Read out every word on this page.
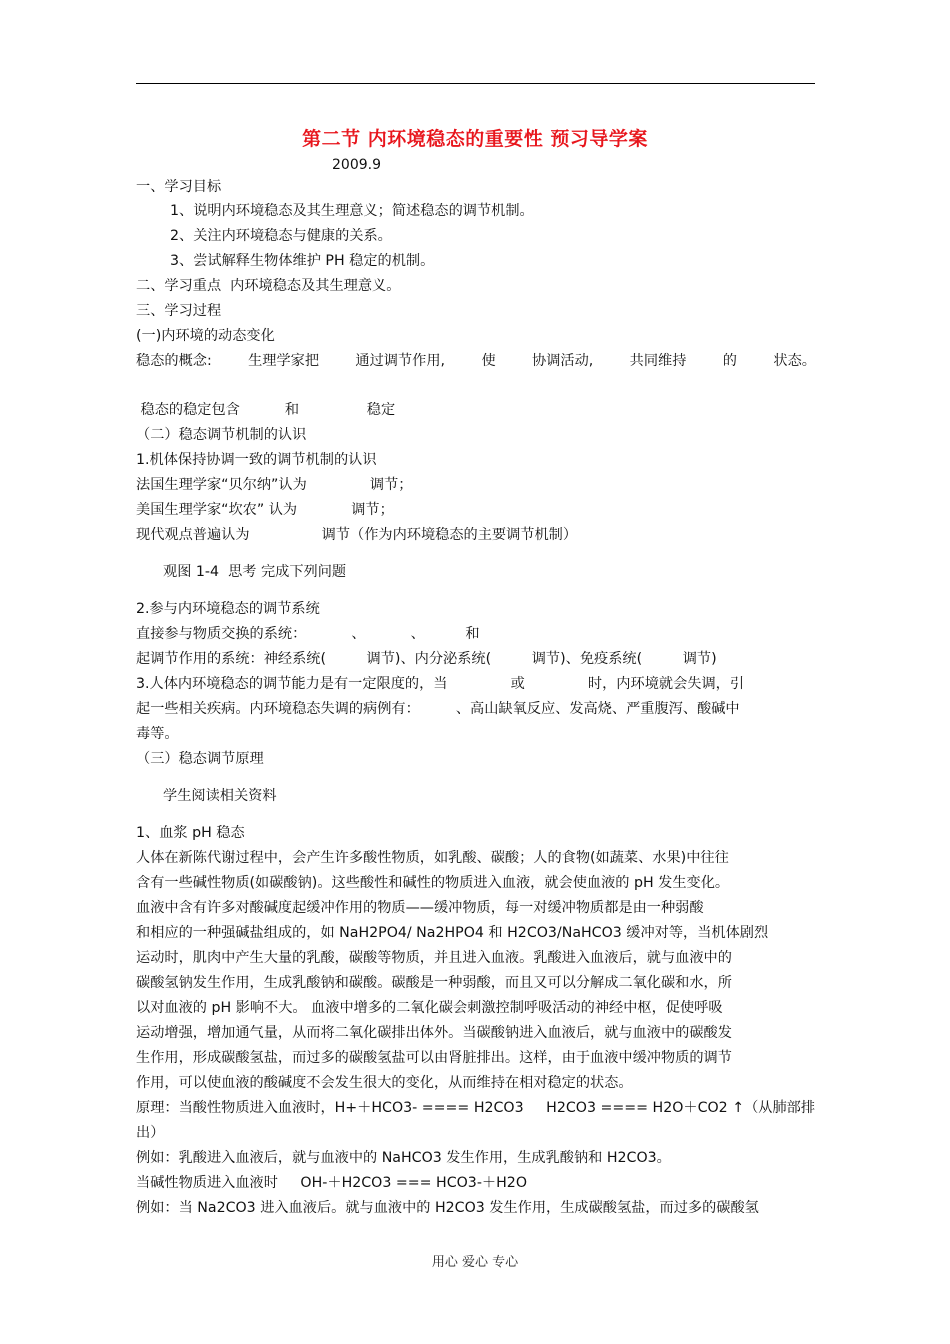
第二节 内环境稳态的重要性 预习导学案
2009.9
一、学习目标
1、说明内环境稳态及其生理意义；简述稳态的调节机制。
2、关注内环境稳态与健康的关系。
3、尝试解释生物体维护 PH 稳定的机制。
二、学习重点  内环境稳态及其生理意义。
三、学习过程
(一)内环境的动态变化
稳态的概念:	生理学家把	通过调节作用,	使	协调活动,	共同维持	的	状态。
稳态的稳定包含          和               稳定
（二）稳态调节机制的认识
1.机体保持协调一致的调节机制的认识
法国生理学家“贝尔纳”认为              调节；
美国生理学家“坎农” 认为            调节；
现代观点普遍认为                调节（作为内环境稳态的主要调节机制）
观图 1-4  思考 完成下列问题
2.参与内环境稳态的调节系统
直接参与物质交换的系统：          、          、         和
起调节作用的系统：神经系统(         调节)、内分泌系统(         调节)、免疫系统(         调节)
3.人体内环境稳态的调节能力是有一定限度的，当              或              时，内环境就会失调，引
起一些相关疾病。内环境稳态失调的病例有：        、高山缺氧反应、发高烧、严重腹泻、酸碱中
毒等。
（三）稳态调节原理
学生阅读相关资料
1、血浆 pH 稳态
人体在新陈代谢过程中，会产生许多酸性物质，如乳酸、碳酸；人的食物(如蔬菜、水果)中往往
含有一些碱性物质(如碳酸钠)。这些酸性和碱性的物质进入血液，就会使血液的 pH 发生变化。
血液中含有许多对酸碱度起缓冲作用的物质——缓冲物质，每一对缓冲物质都是由一种弱酸
和相应的一种强碱盐组成的，如 NaH2PO4/ Na2HPO4 和 H2CO3/NaHCO3 缓冲对等，当机体剧烈
运动时，肌肉中产生大量的乳酸，碳酸等物质，并且进入血液。乳酸进入血液后，就与血液中的
碳酸氢钠发生作用，生成乳酸钠和碳酸。碳酸是一种弱酸，而且又可以分解成二氧化碳和水，所
以对血液的 pH 影响不大。 血液中增多的二氧化碳会刺激控制呼吸活动的神经中枢，促使呼吸
运动增强，增加通气量，从而将二氧化碳排出体外。当碳酸钠进入血液后，就与血液中的碳酸发
生作用，形成碳酸氢盐，而过多的碳酸氢盐可以由肾脏排出。这样，由于血液中缓冲物质的调节
作用，可以使血液的酸碱度不会发生很大的变化，从而维持在相对稳定的状态。
原理：当酸性物质进入血液时，H+＋HCO3- ==== H2CO3     H2CO3 ==== H2O＋CO2 ↑（从肺部排
出）
例如：乳酸进入血液后，就与血液中的 NaHCO3 发生作用，生成乳酸钠和 H2CO3。
当碱性物质进入血液时     OH-＋H2CO3 === HCO3-＋H2O
例如：当 Na2CO3 进入血液后。就与血液中的 H2CO3 发生作用，生成碳酸氢盐，而过多的碳酸氢
用心 爱心 专心
